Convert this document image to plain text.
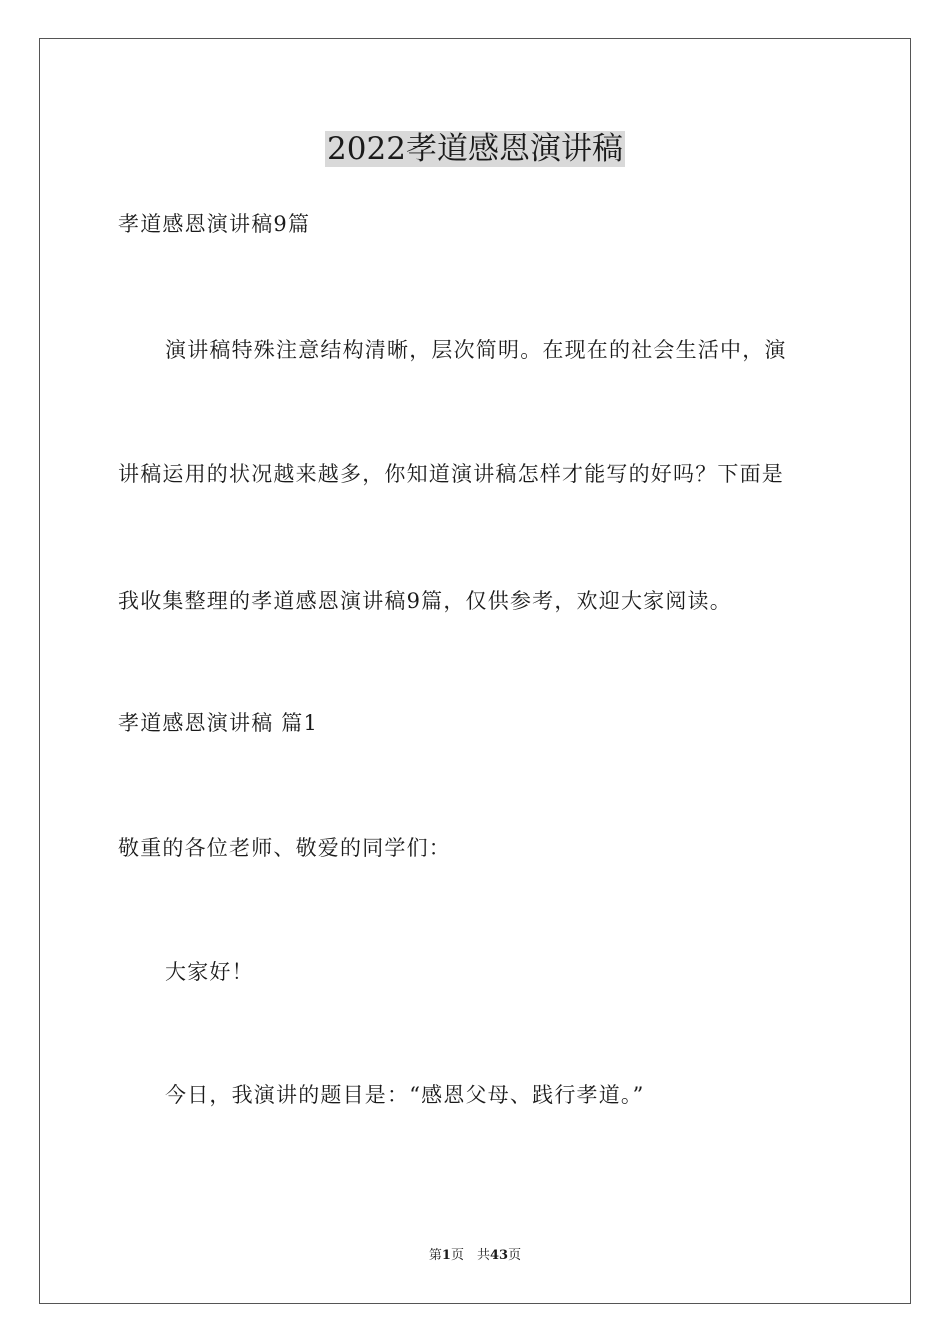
2022孝道感恩演讲稿
孝道感恩演讲稿9篇
演讲稿特殊注意结构清晰，层次简明。在现在的社会生活中，演
讲稿运用的状况越来越多，你知道演讲稿怎样才能写的好吗？下面是
我收集整理的孝道感恩演讲稿9篇，仅供参考，欢迎大家阅读。
孝道感恩演讲稿 篇1
敬重的各位老师、敬爱的同学们：
大家好！
今日，我演讲的题目是：“感恩父母、践行孝道。”
第1页　共43页
